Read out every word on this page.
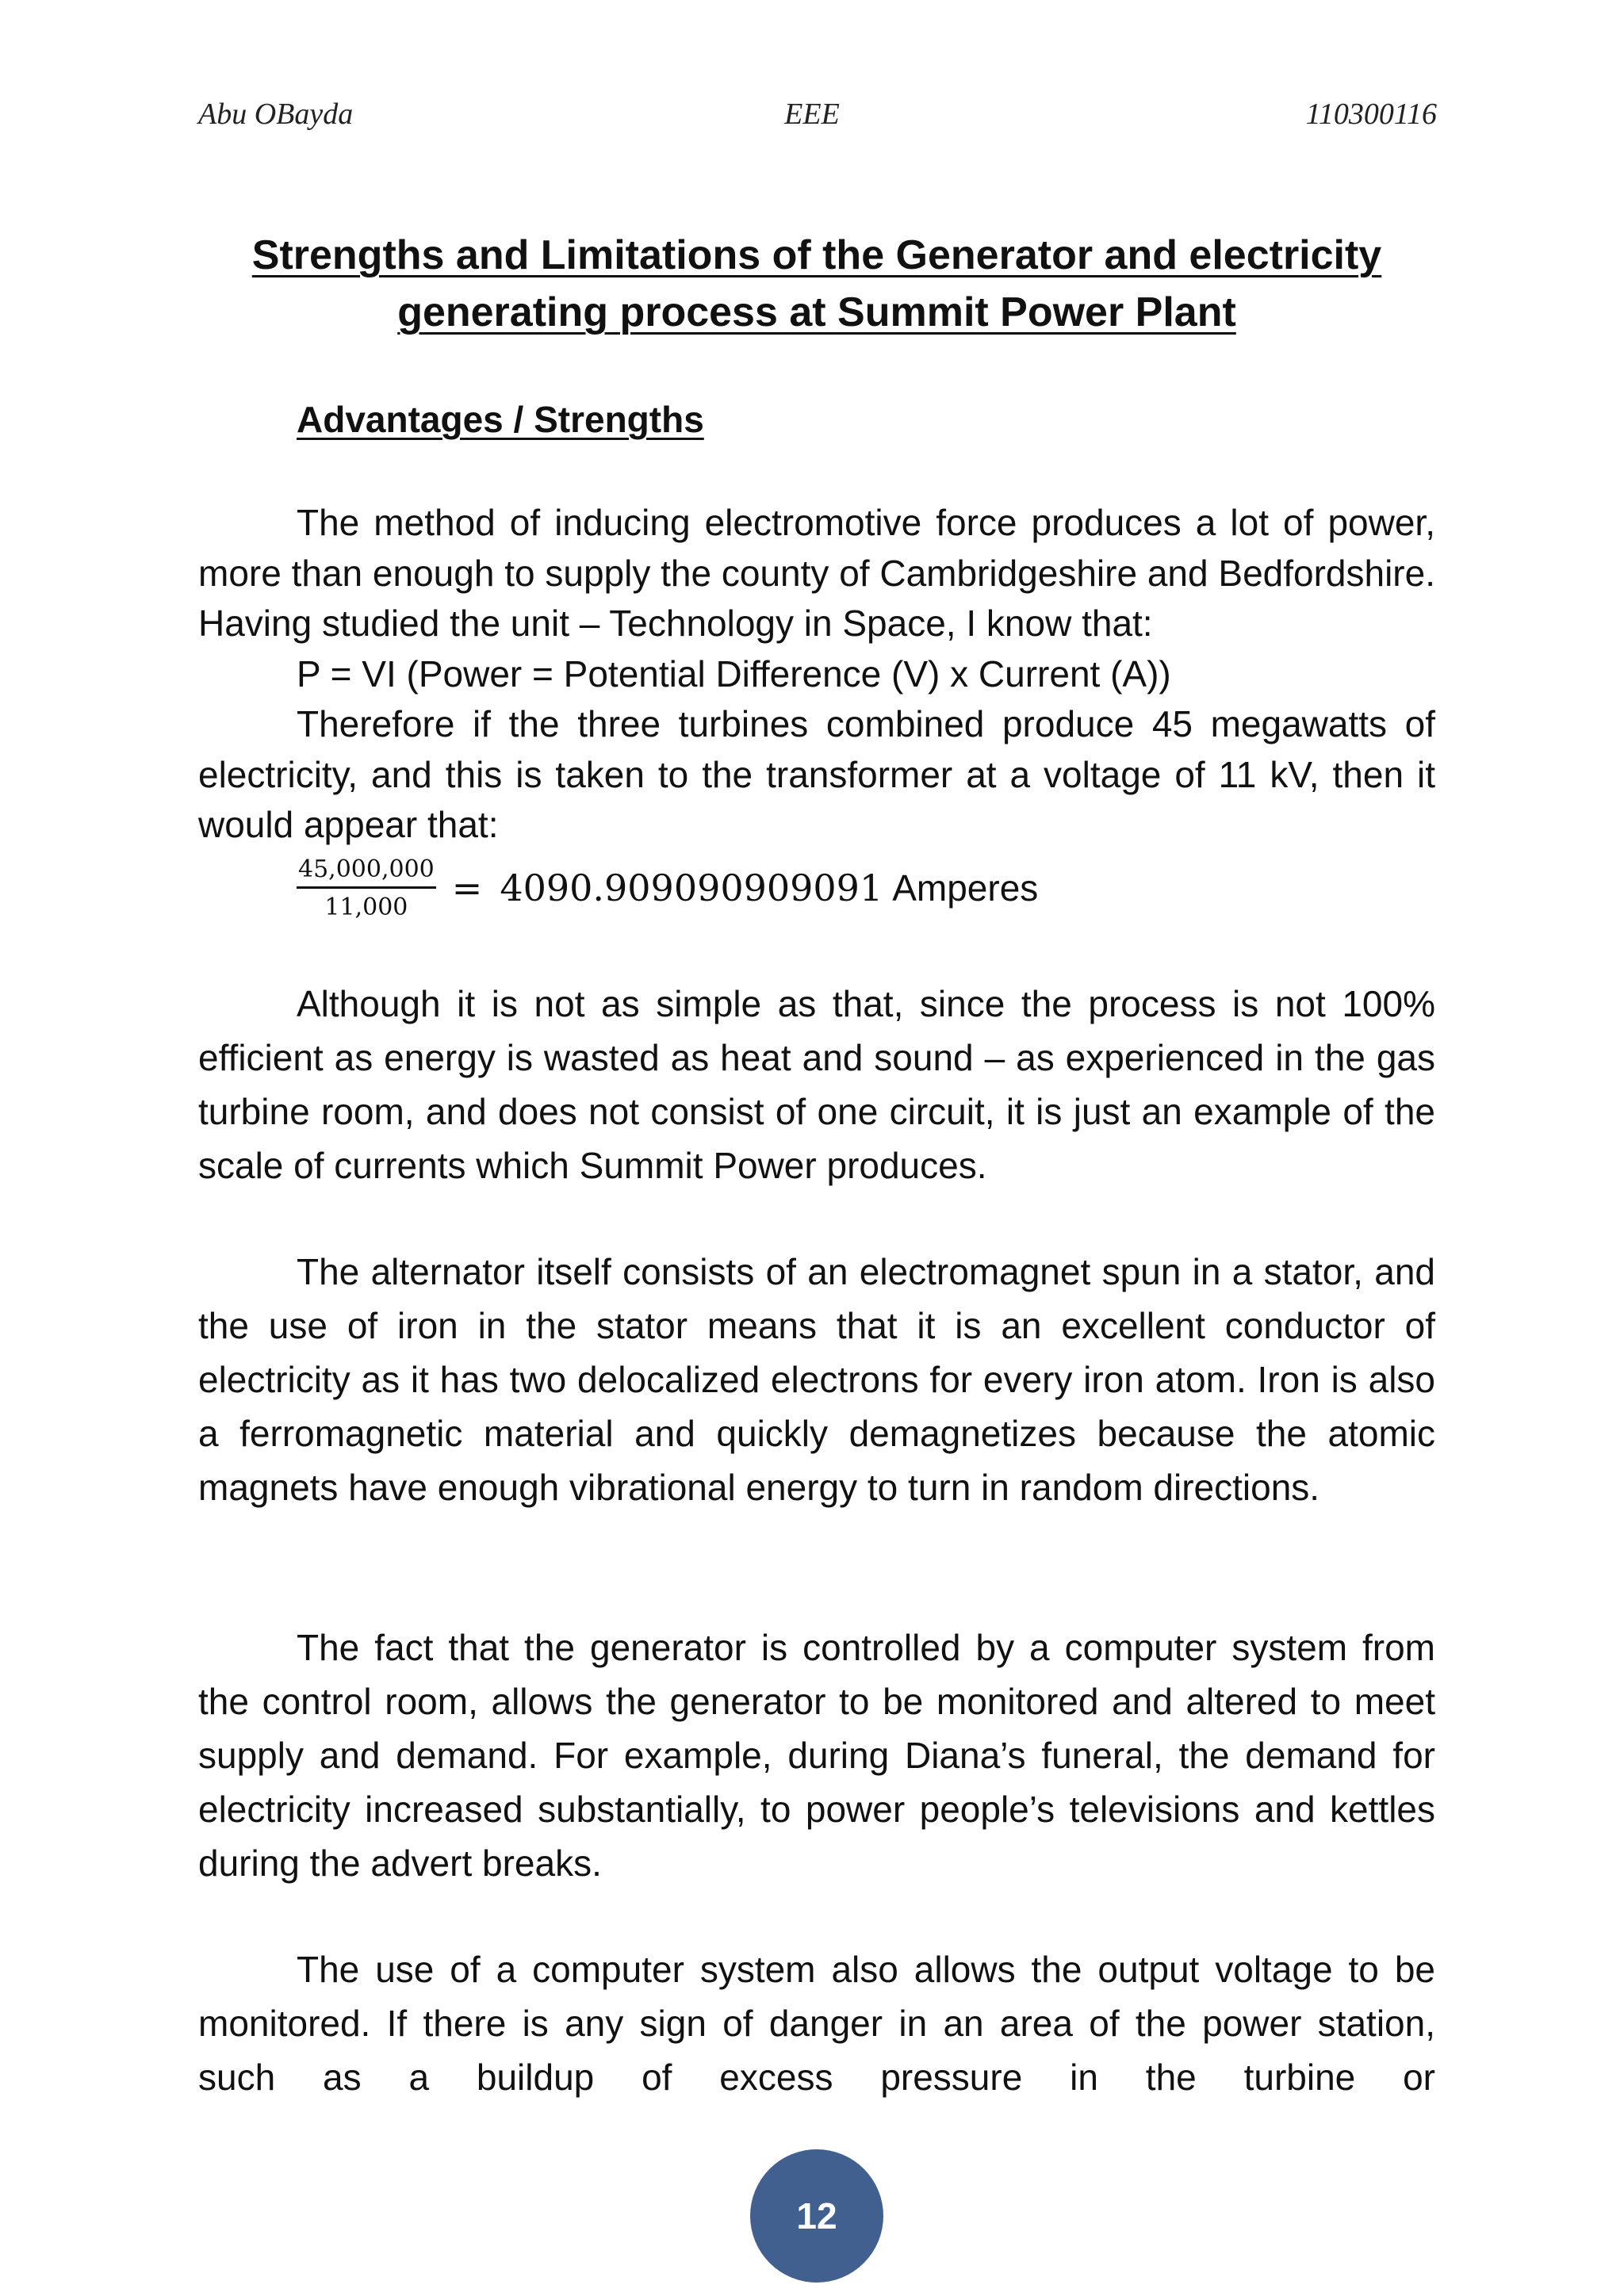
Abu OBayda	EEE	110300116
Strengths and Limitations of the Generator and electricity
generating process at Summit Power Plant
Advantages / Strengths

The method of inducing electromotive force produces a lot of power, more than enough to supply the county of Cambridgeshire and Bedfordshire. Having studied the unit – Technology in Space, I know that:

P = VI (Power = Potential Difference (V) x Current (A))

Therefore if the three turbines combined produce 45 megawatts of electricity, and this is taken to the transformer at a voltage of 11 kV, then it would appear that:

$\frac{45,000,000}{11,000} = 4090.909090909091$ Amperes

Although it is not as simple as that, since the process is not 100% efficient as energy is wasted as heat and sound – as experienced in the gas turbine room, and does not consist of one circuit, it is just an example of the scale of currents which Summit Power produces.

The alternator itself consists of an electromagnet spun in a stator, and the use of iron in the stator means that it is an excellent conductor of electricity as it has two delocalized electrons for every iron atom. Iron is also a ferromagnetic material and quickly demagnetizes because the atomic magnets have enough vibrational energy to turn in random directions.

The fact that the generator is controlled by a computer system from the control room, allows the generator to be monitored and altered to meet supply and demand. For example, during Diana’s funeral, the demand for electricity increased substantially, to power people’s televisions and kettles during the advert breaks.

The use of a computer system also allows the output voltage to be monitored. If there is any sign of danger in an area of the power station, such as a buildup of excess pressure in the turbine or

12
